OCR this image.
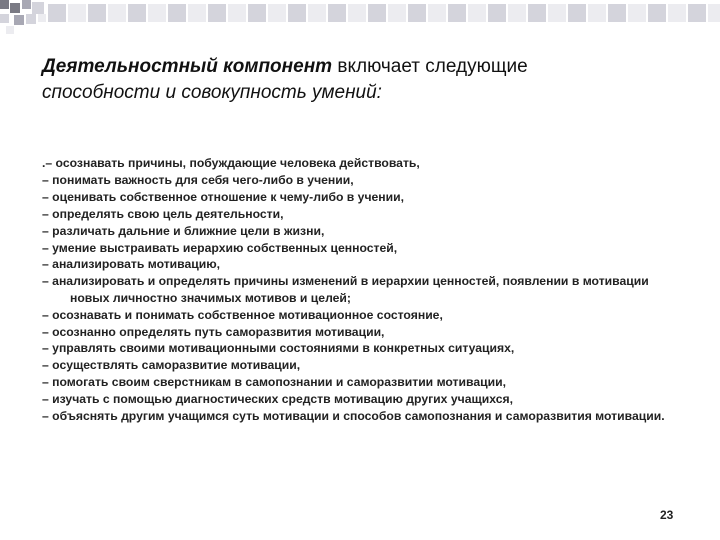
Деятельностный компонент включает следующие
способности и совокупность умений:
.– осознавать причины, побуждающие человека действовать,
– понимать важность для себя чего-либо в учении,
– оценивать собственное отношение к чему-либо в учении,
– определять свою цель деятельности,
– различать дальние и ближние цели в жизни,
– умение выстраивать иерархию собственных ценностей,
– анализировать мотивацию,
– анализировать и определять причины изменений в иерархии ценностей, появлении в мотивации новых личностно значимых мотивов и целей;
– осознавать и понимать собственное мотивационное состояние,
– осознанно определять путь саморазвития мотивации,
– управлять своими мотивационными состояниями в конкретных ситуациях,
– осуществлять саморазвитие мотивации,
– помогать своим сверстникам в самопознании и саморазвитии мотивации,
– изучать с помощью диагностических средств мотивацию других учащихся,
– объяснять другим учащимся суть мотивации и способов самопознания и саморазвития мотивации.
23
